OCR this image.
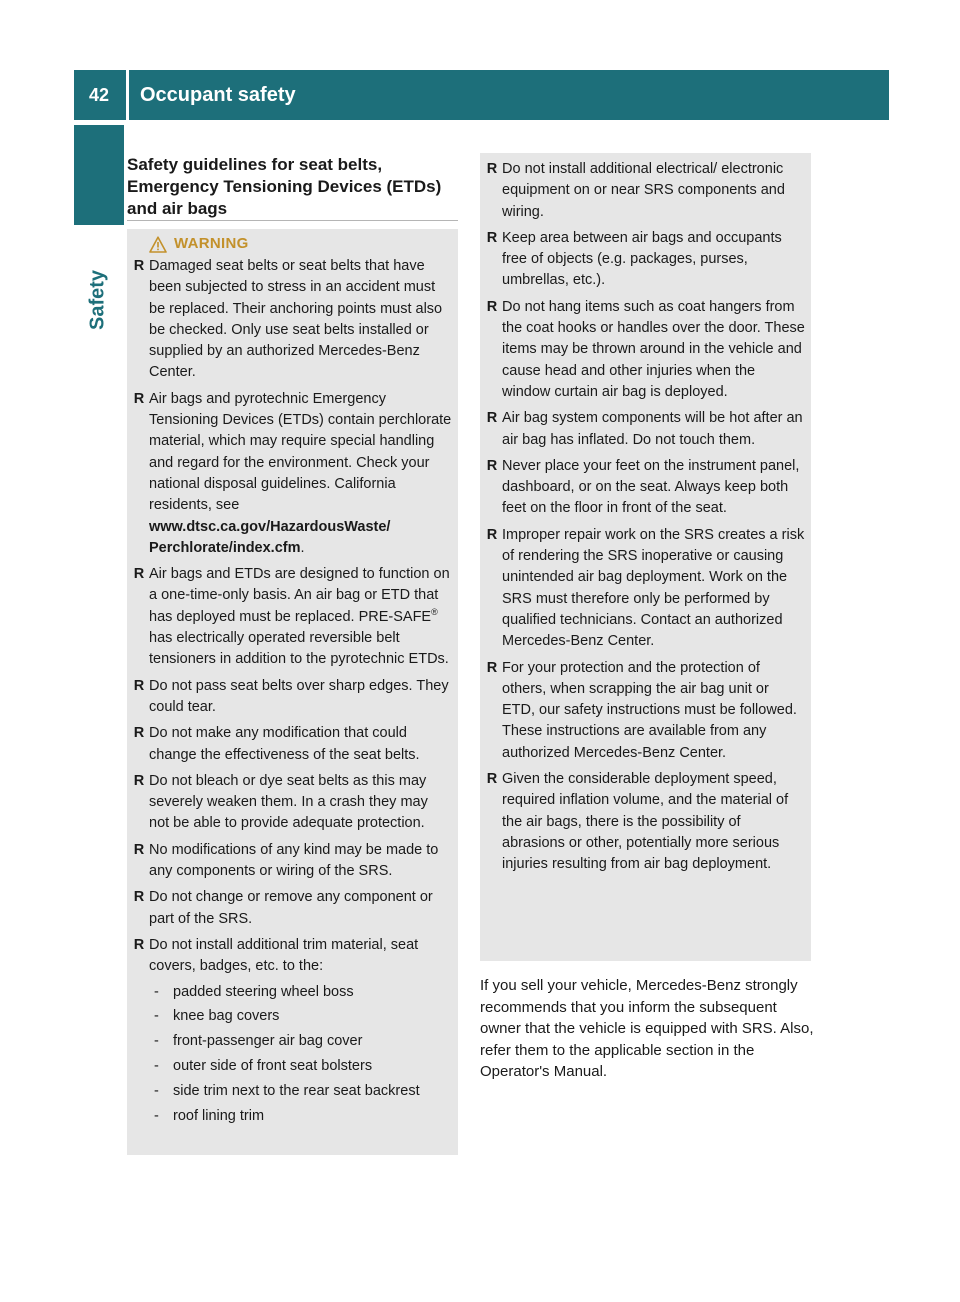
42	Occupant safety
Safety
Safety guidelines for seat belts, Emergency Tensioning Devices (ETDs) and air bags
WARNING
R Damaged seat belts or seat belts that have been subjected to stress in an accident must be replaced. Their anchoring points must also be checked. Only use seat belts installed or supplied by an authorized Mercedes-Benz Center.
R Air bags and pyrotechnic Emergency Tensioning Devices (ETDs) contain perchlorate material, which may require special handling and regard for the environment. Check your national disposal guidelines. California residents, see www.dtsc.ca.gov/HazardousWaste/ Perchlorate/index.cfm.
R Air bags and ETDs are designed to function on a one-time-only basis. An air bag or ETD that has deployed must be replaced. PRE-SAFE® has electrically operated reversible belt tensioners in addition to the pyrotechnic ETDs.
R Do not pass seat belts over sharp edges. They could tear.
R Do not make any modification that could change the effectiveness of the seat belts.
R Do not bleach or dye seat belts as this may severely weaken them. In a crash they may not be able to provide adequate protection.
R No modifications of any kind may be made to any components or wiring of the SRS.
R Do not change or remove any component or part of the SRS.
R Do not install additional trim material, seat covers, badges, etc. to the:
- padded steering wheel boss
- knee bag covers
- front-passenger air bag cover
- outer side of front seat bolsters
- side trim next to the rear seat backrest
- roof lining trim
R Do not install additional electrical/ electronic equipment on or near SRS components and wiring.
R Keep area between air bags and occupants free of objects (e.g. packages, purses, umbrellas, etc.).
R Do not hang items such as coat hangers from the coat hooks or handles over the door. These items may be thrown around in the vehicle and cause head and other injuries when the window curtain air bag is deployed.
R Air bag system components will be hot after an air bag has inflated. Do not touch them.
R Never place your feet on the instrument panel, dashboard, or on the seat. Always keep both feet on the floor in front of the seat.
R Improper repair work on the SRS creates a risk of rendering the SRS inoperative or causing unintended air bag deployment. Work on the SRS must therefore only be performed by qualified technicians. Contact an authorized Mercedes-Benz Center.
R For your protection and the protection of others, when scrapping the air bag unit or ETD, our safety instructions must be followed. These instructions are available from any authorized Mercedes-Benz Center.
R Given the considerable deployment speed, required inflation volume, and the material of the air bags, there is the possibility of abrasions or other, potentially more serious injuries resulting from air bag deployment.
If you sell your vehicle, Mercedes-Benz strongly recommends that you inform the subsequent owner that the vehicle is equipped with SRS. Also, refer them to the applicable section in the Operator's Manual.
